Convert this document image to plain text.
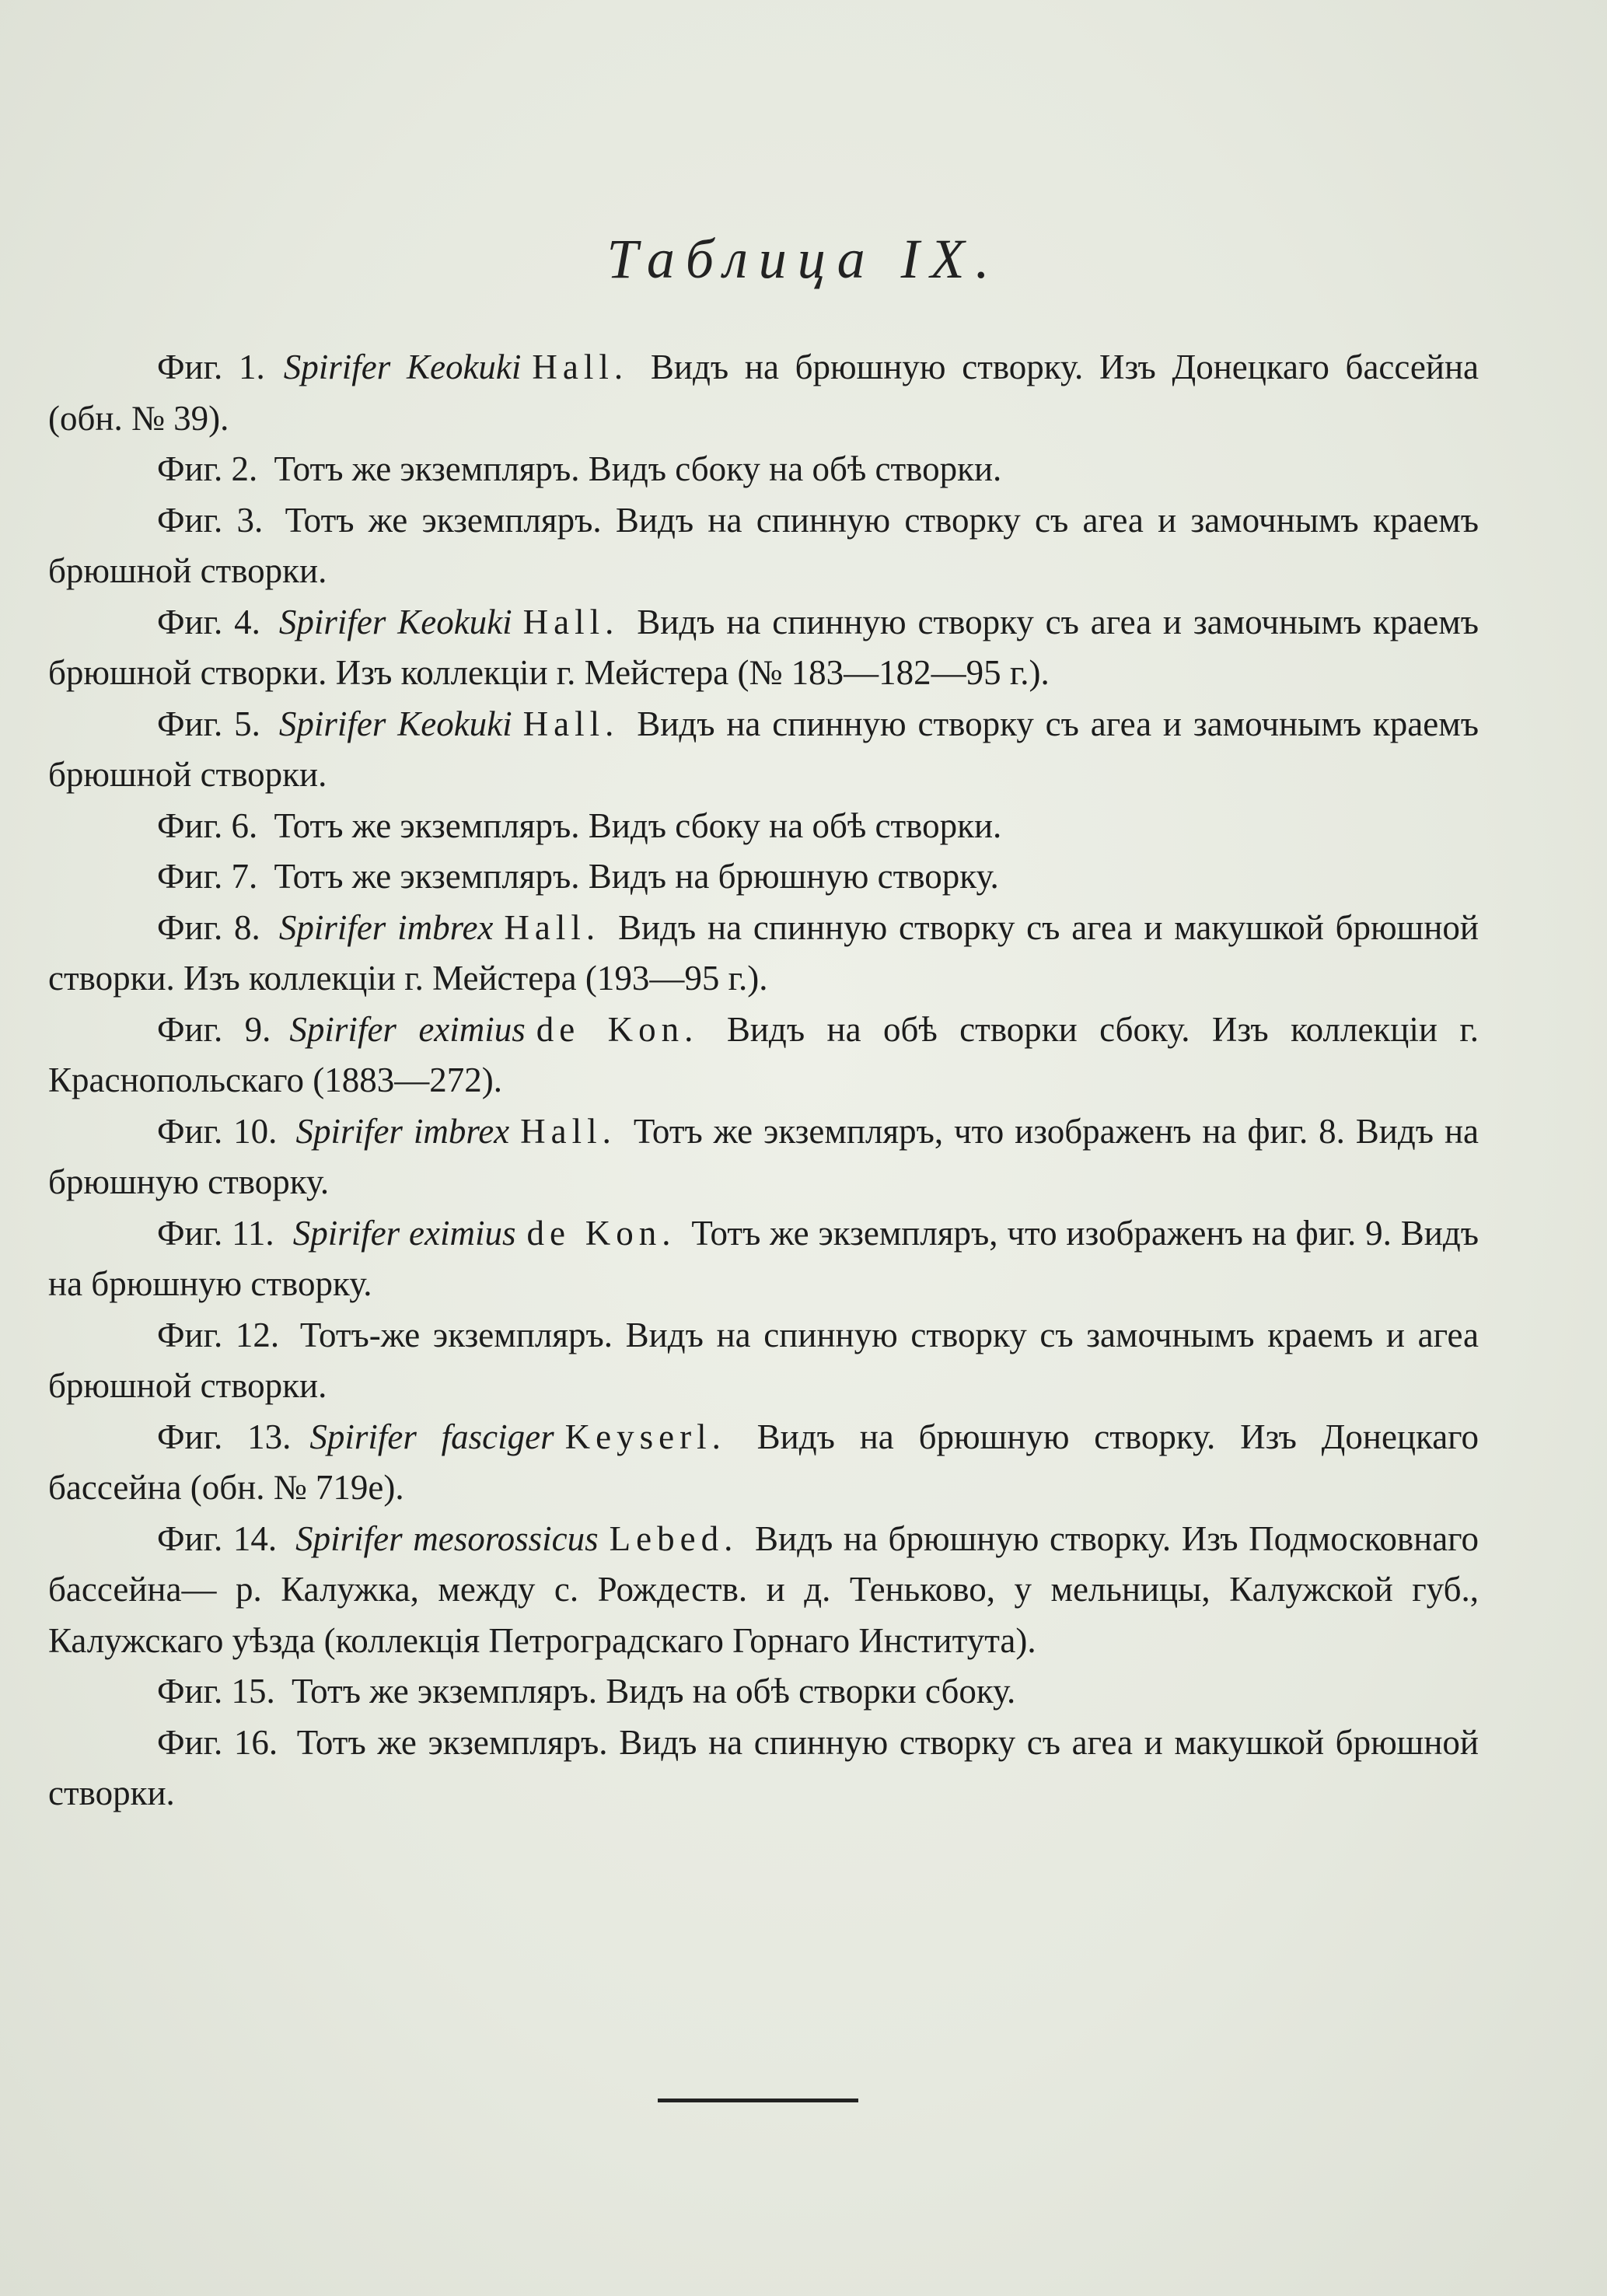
Таблица IX.

Фиг. 1. Spirifer Keokuki Hall. Видъ на брюшную створку. Изъ Донецкаго бассейна (обн. № 39).

Фиг. 2. Тотъ же экземпляръ. Видъ сбоку на обѣ створки.

Фиг. 3. Тотъ же экземпляръ. Видъ на спинную створку съ агеа и замочнымъ краемъ брюшной створки.

Фиг. 4. Spirifer Keokuki Hall. Видъ на спинную створку съ агеа и замочнымъ краемъ брюшной створки. Изъ коллекціи г. Мейстера (№ 183—182—95 г.).

Фиг. 5. Spirifer Keokuki Hall. Видъ на спинную створку съ агеа и замочнымъ краемъ брюшной створки.

Фиг. 6. Тотъ же экземпляръ. Видъ сбоку на обѣ створки.

Фиг. 7. Тотъ же экземпляръ. Видъ на брюшную створку.

Фиг. 8. Spirifer imbrex Hall. Видъ на спинную створку съ агеа и макушкой брюшной створки. Изъ коллекціи г. Мейстера (193—95 г.).

Фиг. 9. Spirifer eximius de Kon. Видъ на обѣ створки сбоку. Изъ коллекціи г. Краснопольскаго (1883—272).

Фиг. 10. Spirifer imbrex Hall. Тотъ же экземпляръ, что изображенъ на фиг. 8. Видъ на брюшную створку.

Фиг. 11. Spirifer eximius de Kon. Тотъ же экземпляръ, что изображенъ на фиг. 9. Видъ на брюшную створку.

Фиг. 12. Тотъ-же экземпляръ. Видъ на спинную створку съ замочнымъ краемъ и агеа брюшной створки.

Фиг. 13. Spirifer fasciger Keyserl. Видъ на брюшную створку. Изъ Донецкаго бассейна (обн. № 719е).

Фиг. 14. Spirifer mesorossicus Lebed. Видъ на брюшную створку. Изъ Подмосковнаго бассейна— р. Калужка, между с. Рождеств. и д. Теньково, у мельницы, Калужской губ., Калужскаго уѣзда (коллекція Петроградскаго Горнаго Института).

Фиг. 15. Тотъ же экземпляръ. Видъ на обѣ створки сбоку.

Фиг. 16. Тотъ же экземпляръ. Видъ на спинную створку съ агеа и макушкой брюшной створки.
